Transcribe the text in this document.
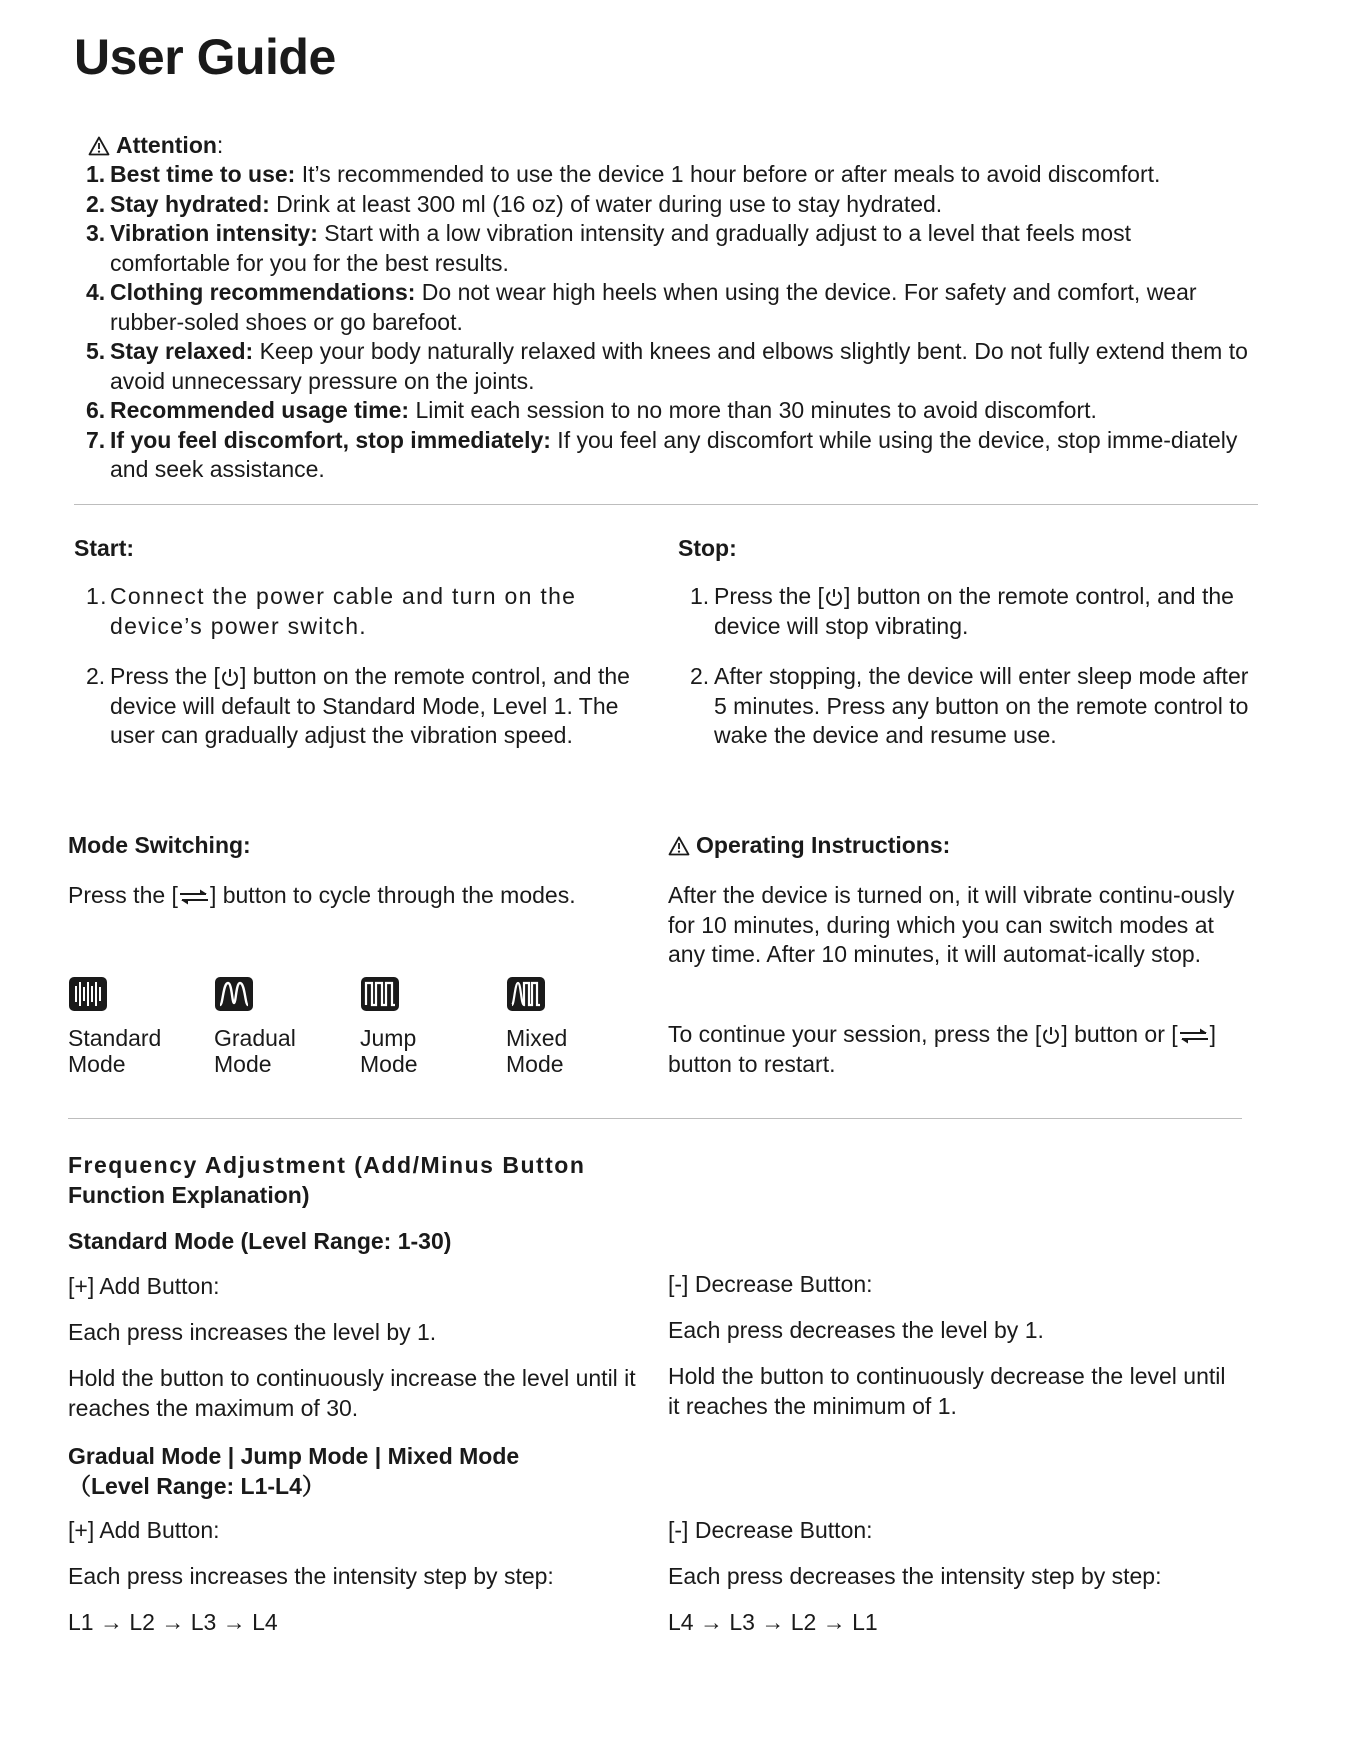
User Guide
Attention:
1. Best time to use: It’s recommended to use the device 1 hour before or after meals to avoid discomfort.
2. Stay hydrated: Drink at least 300 ml (16 oz) of water during use to stay hydrated.
3. Vibration intensity: Start with a low vibration intensity and gradually adjust to a level that feels most comfortable for you for the best results.
4. Clothing recommendations: Do not wear high heels when using the device. For safety and comfort, wear rubber-soled shoes or go barefoot.
5. Stay relaxed: Keep your body naturally relaxed with knees and elbows slightly bent. Do not fully extend them to avoid unnecessary pressure on the joints.
6. Recommended usage time: Limit each session to no more than 30 minutes to avoid discomfort.
7. If you feel discomfort, stop immediately: If you feel any discomfort while using the device, stop imme-diately and seek assistance.
Start:
1. Connect the power cable and turn on the device’s power switch.
2. Press the [ ] button on the remote control, and the device will default to Standard Mode, Level 1. The user can gradually adjust the vibration speed.
Stop:
1. Press the [ ] button on the remote control, and the device will stop vibrating.
2. After stopping, the device will enter sleep mode after 5 minutes. Press any button on the remote control to wake the device and resume use.
Mode Switching:
Press the [ ] button to cycle through the modes.
Standard
Mode
Gradual
Mode
Jump
Mode
Mixed
Mode
Operating Instructions:
After the device is turned on, it will vibrate continu-ously for 10 minutes, during which you can switch modes at any time. After 10 minutes, it will automat-ically stop.
To continue your session, press the [ ] button or [ ] button to restart.
Frequency Adjustment (Add/Minus Button
Function Explanation)
Standard Mode (Level Range: 1-30)
[+] Add Button:
Each press increases the level by 1.
Hold the button to continuously increase the level until it reaches the maximum of 30.
[-] Decrease Button:
Each press decreases the level by 1.
Hold the button to continuously decrease the level until it reaches the minimum of 1.
Gradual Mode | Jump Mode | Mixed Mode
（Level Range: L1-L4）
[+] Add Button:
Each press increases the intensity step by step:
L1 → L2 → L3 → L4
[-] Decrease Button:
Each press decreases the intensity step by step:
L4 → L3 → L2 → L1
